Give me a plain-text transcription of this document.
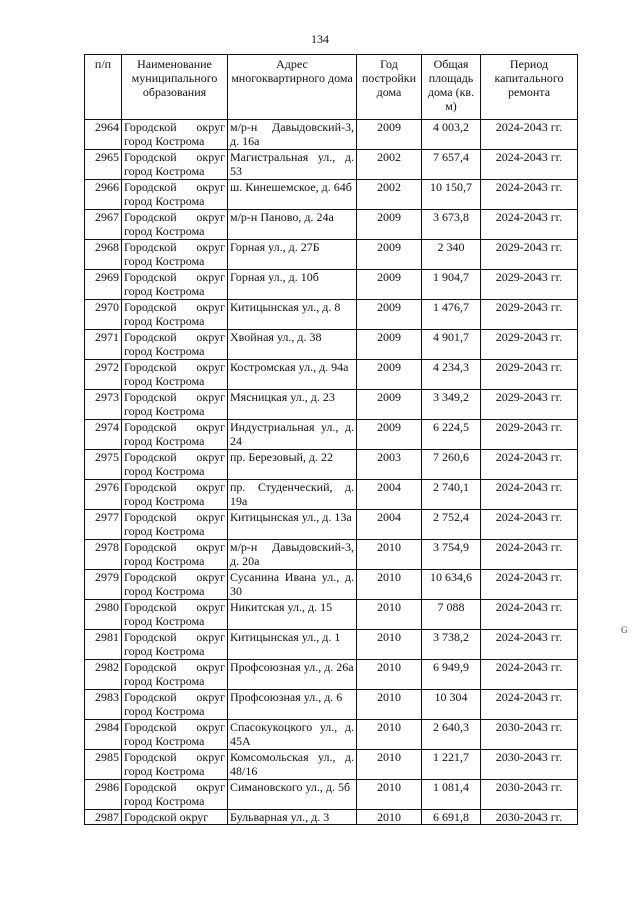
134
п/п	Наименование муниципального образования	Адрес многоквартирного дома	Год постройки дома	Общая площадь дома (кв. м)	Период капитального ремонта
2964	Городской округ город Кострома	м/р-н Давыдовский-3, д. 16а	2009	4 003,2	2024-2043 гг.
2965	Городской округ город Кострома	Магистральная ул., д. 53	2002	7 657,4	2024-2043 гг.
2966	Городской округ город Кострома	ш. Кинешемское, д. 64б	2002	10 150,7	2024-2043 гг.
2967	Городской округ город Кострома	м/р-н Паново, д. 24а	2009	3 673,8	2024-2043 гг.
2968	Городской округ город Кострома	Горная ул., д. 27Б	2009	2 340	2029-2043 гг.
2969	Городской округ город Кострома	Горная ул., д. 10б	2009	1 904,7	2029-2043 гг.
2970	Городской округ город Кострома	Китицынская ул., д. 8	2009	1 476,7	2029-2043 гг.
2971	Городской округ город Кострома	Хвойная ул., д. 38	2009	4 901,7	2029-2043 гг.
2972	Городской округ город Кострома	Костромская ул., д. 94а	2009	4 234,3	2029-2043 гг.
2973	Городской округ город Кострома	Мясницкая ул., д. 23	2009	3 349,2	2029-2043 гг.
2974	Городской округ город Кострома	Индустриальная ул., д. 24	2009	6 224,5	2029-2043 гг.
2975	Городской округ город Кострома	пр. Березовый, д. 22	2003	7 260,6	2024-2043 гг.
2976	Городской округ город Кострома	пр. Студенческий, д. 19а	2004	2 740,1	2024-2043 гг.
2977	Городской округ город Кострома	Китицынская ул., д. 13а	2004	2 752,4	2024-2043 гг.
2978	Городской округ город Кострома	м/р-н Давыдовский-3, д. 20а	2010	3 754,9	2024-2043 гг.
2979	Городской округ город Кострома	Сусанина Ивана ул., д. 30	2010	10 634,6	2024-2043 гг.
2980	Городской округ город Кострома	Никитская ул., д. 15	2010	7 088	2024-2043 гг.
2981	Городской округ город Кострома	Китицынская ул., д. 1	2010	3 738,2	2024-2043 гг.
2982	Городской округ город Кострома	Профсоюзная ул., д. 26а	2010	6 949,9	2024-2043 гг.
2983	Городской округ город Кострома	Профсоюзная ул., д. 6	2010	10 304	2024-2043 гг.
2984	Городской округ город Кострома	Спасокукоцкого ул., д. 45А	2010	2 640,3	2030-2043 гг.
2985	Городской округ город Кострома	Комсомольская ул., д. 48/16	2010	1 221,7	2030-2043 гг.
2986	Городской округ город Кострома	Симановского ул., д. 5б	2010	1 081,4	2030-2043 гг.
2987	Городской округ	Бульварная ул., д. 3	2010	6 691,8	2030-2043 гг.
G
